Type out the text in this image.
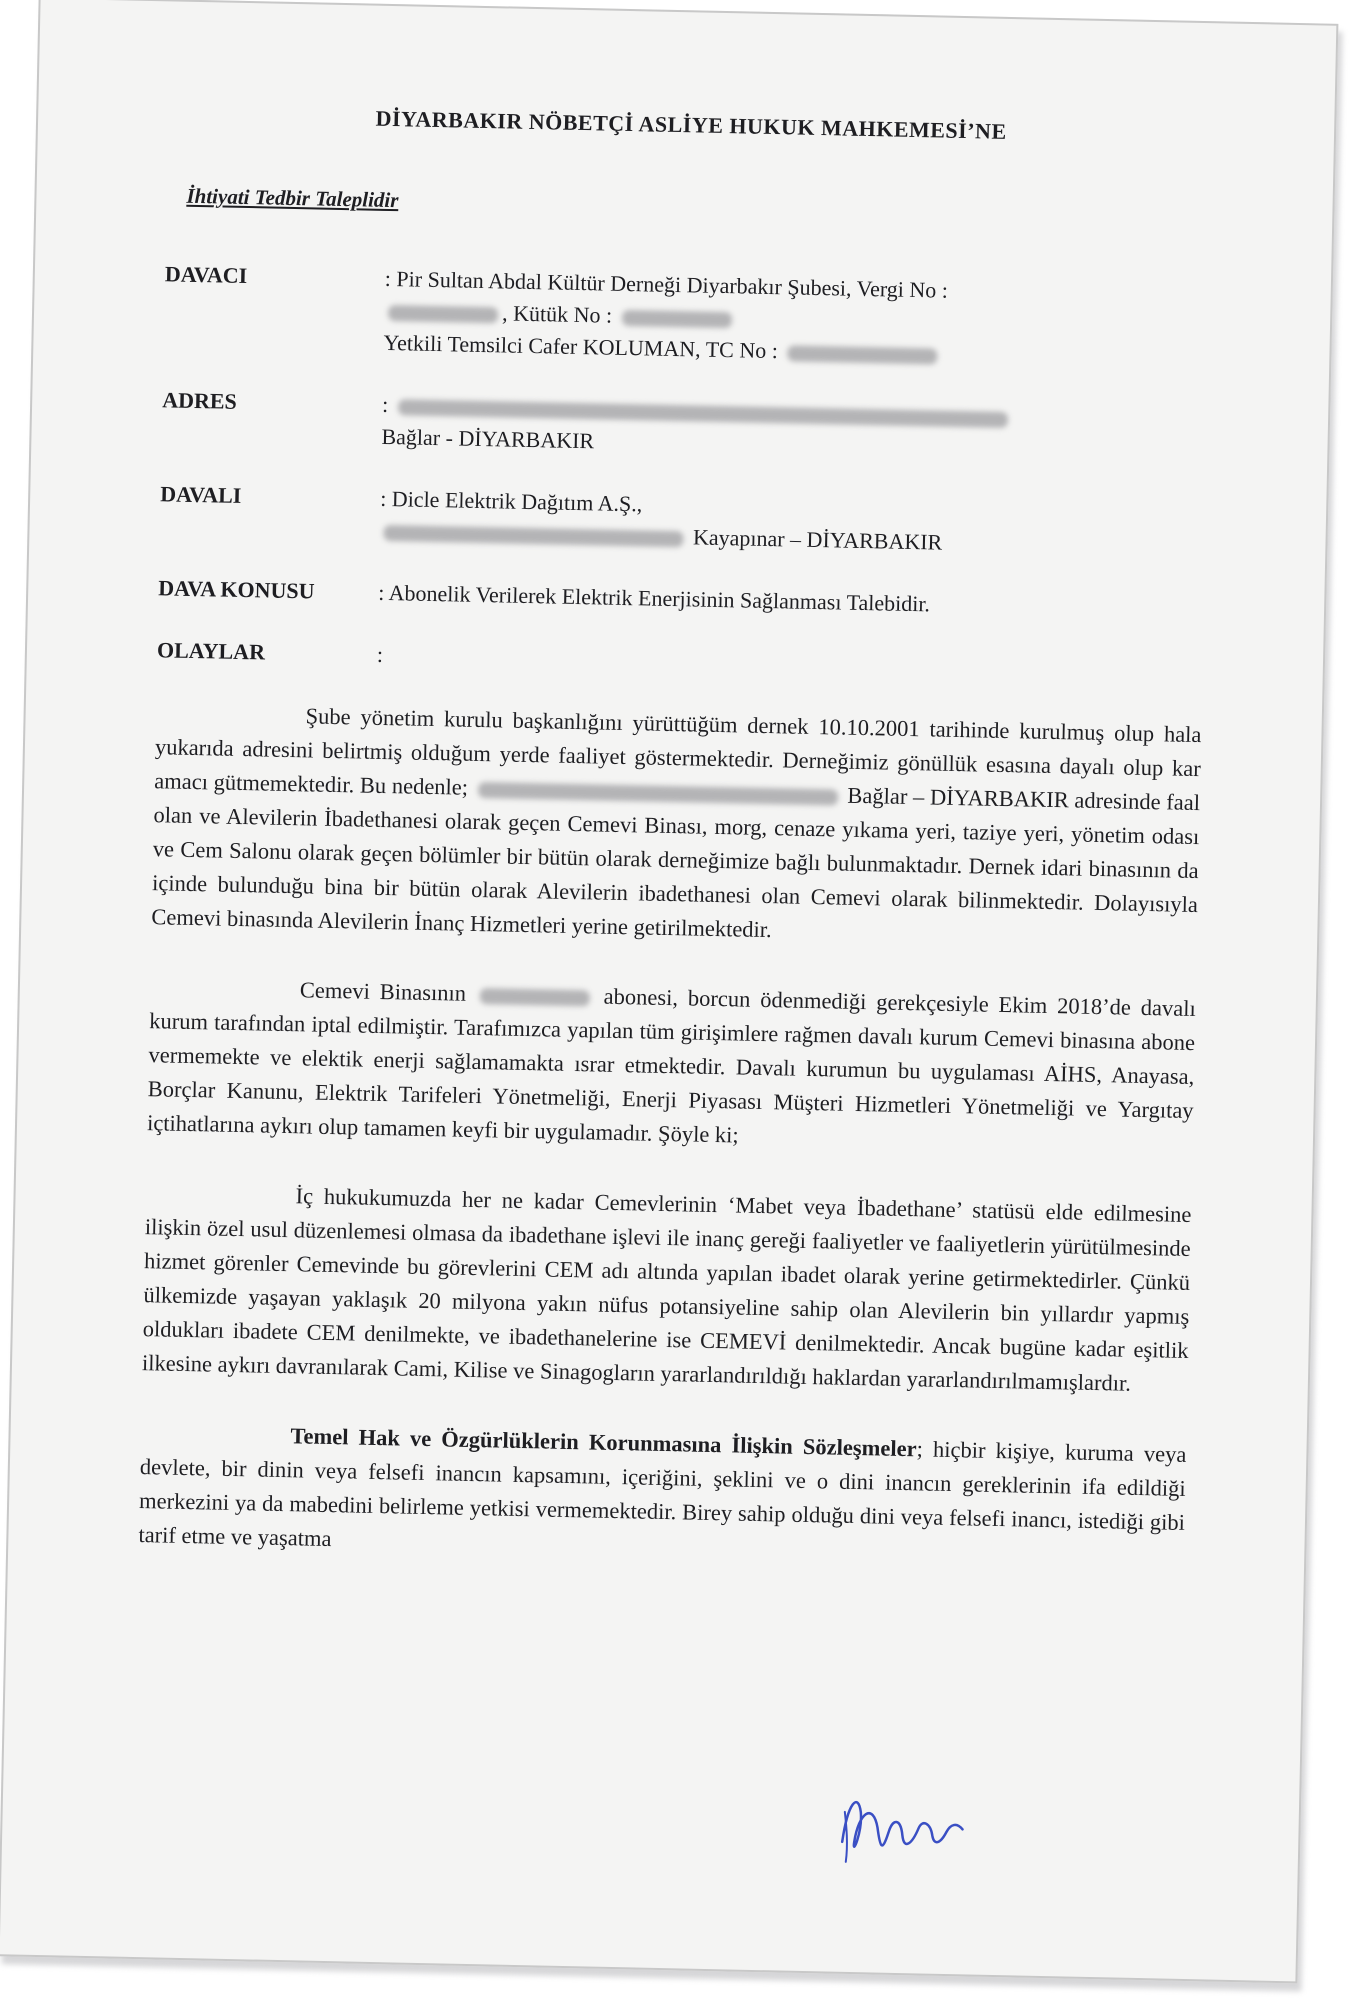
DİYARBAKIR NÖBETÇİ ASLİYE HUKUK MAHKEMESİ’NE
İhtiyati Tedbir Taleplidir
DAVACI	: Pir Sultan Abdal Kültür Derneği Diyarbakır Şubesi, Vergi No :
, Kütük No :
Yetkili Temsilci Cafer KOLUMAN, TC No :
ADRES	:
Bağlar - DİYARBAKIR
DAVALI	: Dicle Elektrik Dağıtım A.Ş.,
Kayapınar – DİYARBAKIR
DAVA KONUSU	: Abonelik Verilerek Elektrik Enerjisinin Sağlanması Talebidir.
OLAYLAR	:

Şube yönetim kurulu başkanlığını yürüttüğüm dernek 10.10.2001 tarihinde kurulmuş olup hala yukarıda adresini belirtmiş olduğum yerde faaliyet göstermektedir. Derneğimiz gönüllük esasına dayalı olup kar amacı gütmemektedir. Bu nedenle;	Bağlar – DİYARBAKIR adresinde faal olan ve Alevilerin İbadethanesi olarak geçen Cemevi Binası, morg, cenaze yıkama yeri, taziye yeri, yönetim odası ve Cem Salonu olarak geçen bölümler bir bütün olarak derneğimize bağlı bulunmaktadır. Dernek idari binasının da içinde bulunduğu bina bir bütün olarak Alevilerin ibadethanesi olan Cemevi olarak bilinmektedir. Dolayısıyla Cemevi binasında Alevilerin İnanç Hizmetleri yerine getirilmektedir.

Cemevi Binasının	abonesi, borcun ödenmediği gerekçesiyle Ekim 2018’de davalı kurum tarafından iptal edilmiştir. Tarafımızca yapılan tüm girişimlere rağmen davalı kurum Cemevi binasına abone vermemekte ve elektik enerji sağlamamakta ısrar etmektedir. Davalı kurumun bu uygulaması AİHS, Anayasa, Borçlar Kanunu, Elektrik Tarifeleri Yönetmeliği, Enerji Piyasası Müşteri Hizmetleri Yönetmeliği ve Yargıtay içtihatlarına aykırı olup tamamen keyfi bir uygulamadır. Şöyle ki;

İç hukukumuzda her ne kadar Cemevlerinin ‘Mabet veya İbadethane’ statüsü elde edilmesine ilişkin özel usul düzenlemesi olmasa da ibadethane işlevi ile inanç gereği faaliyetler ve faaliyetlerin yürütülmesinde hizmet görenler Cemevinde bu görevlerini CEM adı altında yapılan ibadet olarak yerine getirmektedirler. Çünkü ülkemizde yaşayan yaklaşık 20 milyona yakın nüfus potansiyeline sahip olan Alevilerin bin yıllardır yapmış oldukları ibadete CEM denilmekte, ve ibadethanelerine ise CEMEVİ denilmektedir. Ancak bugüne kadar eşitlik ilkesine aykırı davranılarak Cami, Kilise ve Sinagogların yararlandırıldığı haklardan yararlandırılmamışlardır.

Temel Hak ve Özgürlüklerin Korunmasına İlişkin Sözleşmeler; hiçbir kişiye, kuruma veya devlete, bir dinin veya felsefi inancın kapsamını, içeriğini, şeklini ve o dini inancın gereklerinin ifa edildiği merkezini ya da mabedini belirleme yetkisi vermemektedir. Birey sahip olduğu dini veya felsefi inancı, istediği gibi tarif etme ve yaşatma
